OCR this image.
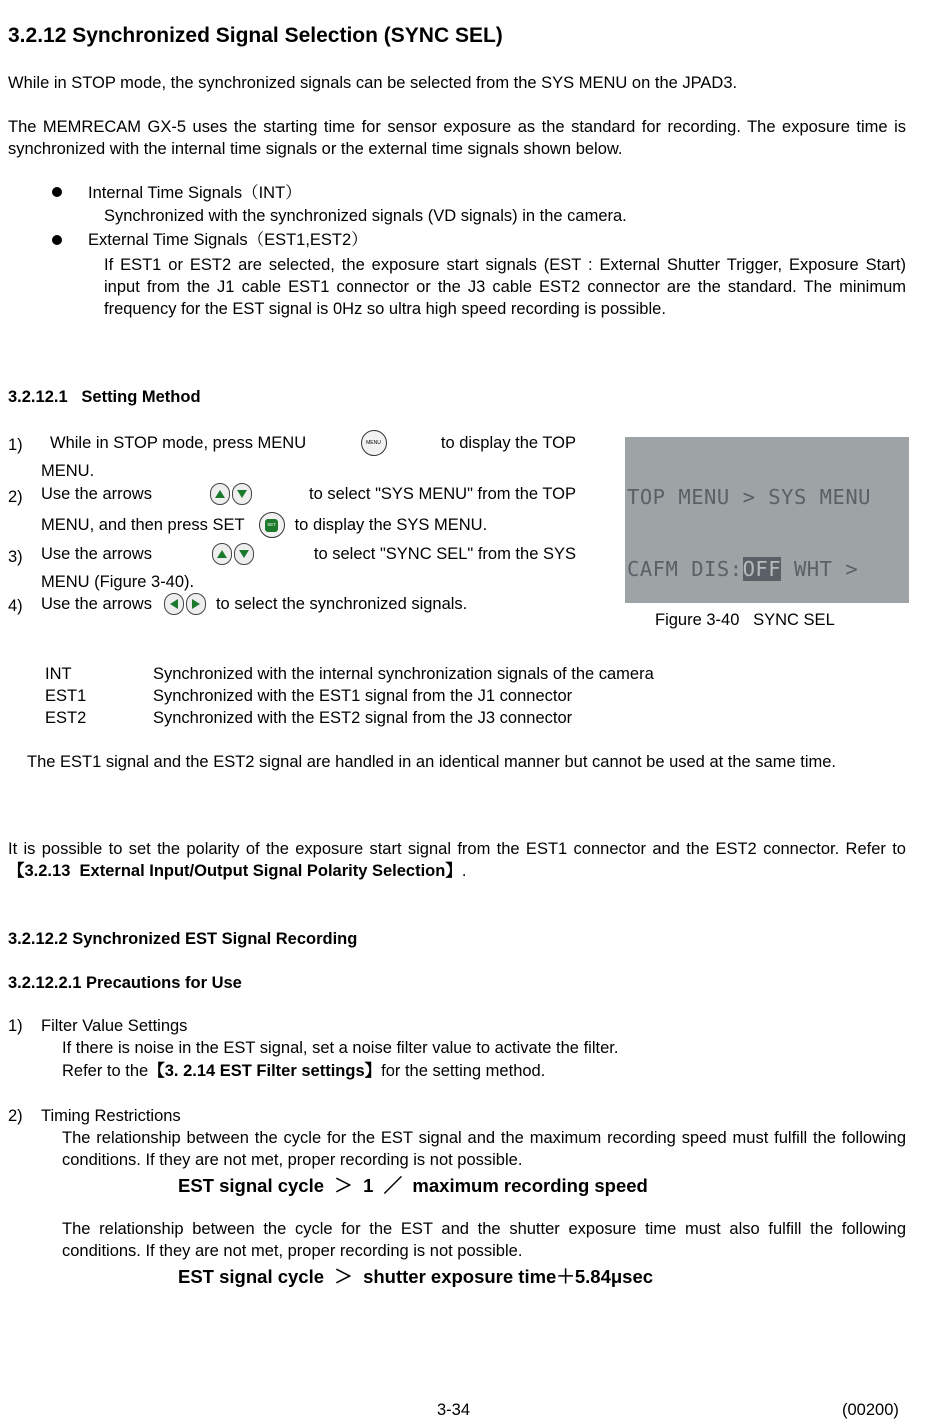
3.2.12 Synchronized Signal Selection (SYNC SEL)
While in STOP mode, the synchronized signals can be selected from the SYS MENU on the JPAD3.
The MEMRECAM GX-5 uses the starting time for sensor exposure as the standard for recording. The exposure time is synchronized with the internal time signals or the external time signals shown below.
Internal Time Signals（INT）
Synchronized with the synchronized signals (VD signals) in the camera.
External Time Signals（EST1,EST2）
If EST1 or EST2 are selected, the exposure start signals (EST : External Shutter Trigger, Exposure Start) input from the J1 cable EST1 connector or the J3 cable EST2 connector are the standard. The minimum frequency for the EST signal is 0Hz so ultra high speed recording is possible.
3.2.12.1   Setting Method
1) While in STOP mode, press MENU	MENU	to display the TOP
MENU.
2) Use the arrows	to select "SYS MENU" from the TOP
MENU, and then press SET	SET to display the SYS MENU.
3) Use the arrows	to select "SYNC SEL" from the SYS
MENU (Figure 3-40).
4) Use the arrows	to select the synchronized signals.

TOP MENU > SYS MENU

CAFM DIS:OFF WHT >

Figure 3-40   SYNC SEL
INT	Synchronized with the internal synchronization signals of the camera
EST1	Synchronized with the EST1 signal from the J1 connector
EST2	Synchronized with the EST2 signal from the J3 connector
The EST1 signal and the EST2 signal are handled in an identical manner but cannot be used at the same time.
It is possible to set the polarity of the exposure start signal from the EST1 connector and the EST2 connector. Refer to 【3.2.13  External Input/Output Signal Polarity Selection】.
3.2.12.2 Synchronized EST Signal Recording
3.2.12.2.1 Precautions for Use
1) Filter Value Settings
If there is noise in the EST signal, set a noise filter value to activate the filter.
Refer to the【3. 2.14 EST Filter settings】for the setting method.
2) Timing Restrictions
The relationship between the cycle for the EST signal and the maximum recording speed must fulfill the following conditions. If they are not met, proper recording is not possible.
EST signal cycle  ＞  1  ／  maximum recording speed
The relationship between the cycle for the EST and the shutter exposure time must also fulfill the following conditions. If they are not met, proper recording is not possible.
EST signal cycle  ＞  shutter exposure time＋5.84μsec
3-34	(00200)
